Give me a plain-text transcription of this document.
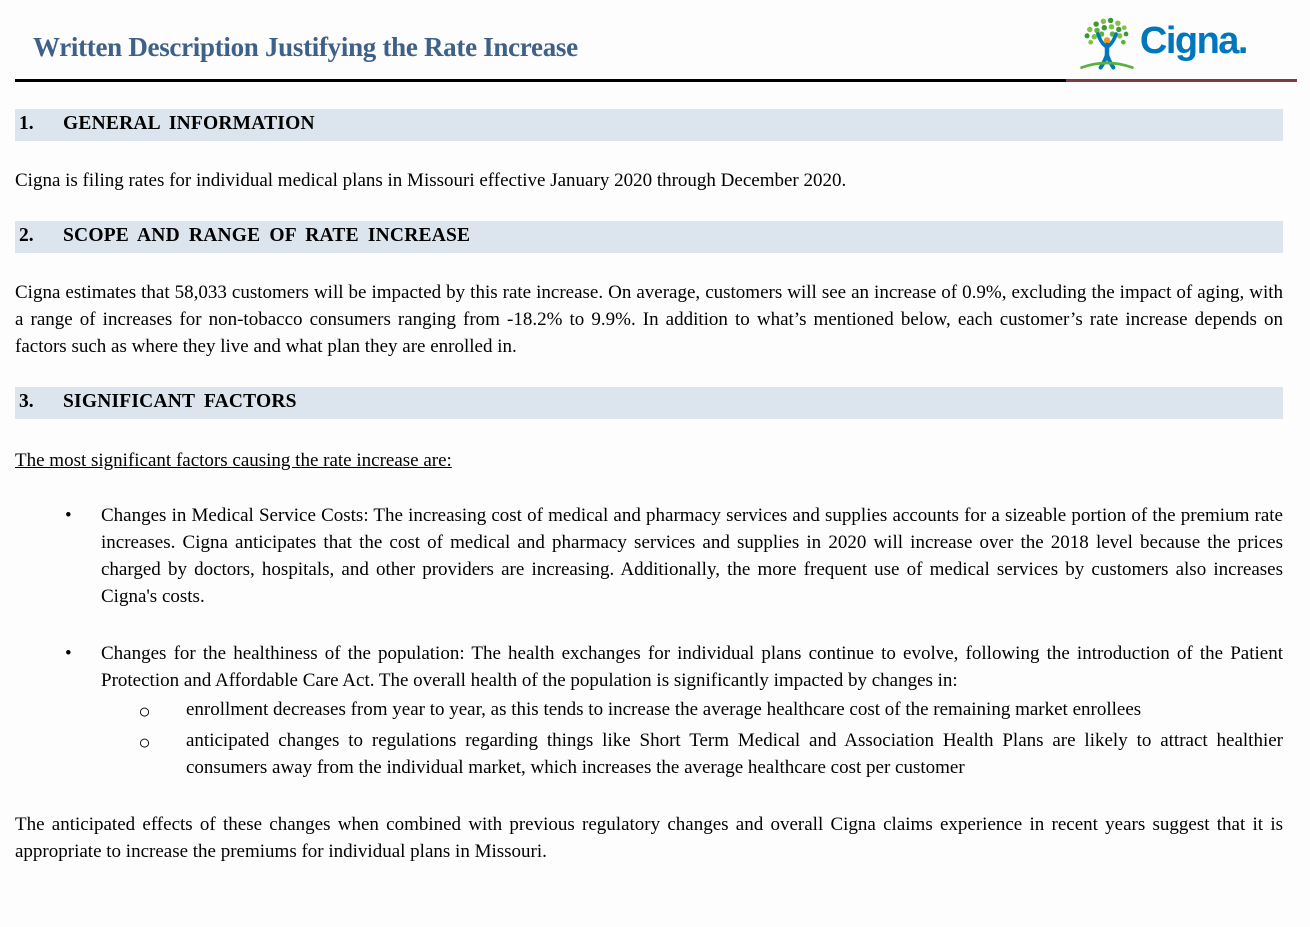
Written Description Justifying the Rate Increase	Cigna.
1.	GENERAL INFORMATION
Cigna is filing rates for individual medical plans in Missouri effective January 2020 through December 2020.
2.	SCOPE AND RANGE OF RATE INCREASE
Cigna estimates that 58,033 customers will be impacted by this rate increase. On average, customers will see an increase of 0.9%, excluding the impact of aging, with a range of increases for non-tobacco consumers ranging from -18.2% to 9.9%. In addition to what’s mentioned below, each customer’s rate increase depends on factors such as where they live and what plan they are enrolled in.
3.	SIGNIFICANT FACTORS
The most significant factors causing the rate increase are:
•	Changes in Medical Service Costs: The increasing cost of medical and pharmacy services and supplies accounts for a sizeable portion of the premium rate increases. Cigna anticipates that the cost of medical and pharmacy services and supplies in 2020 will increase over the 2018 level because the prices charged by doctors, hospitals, and other providers are increasing. Additionally, the more frequent use of medical services by customers also increases Cigna's costs.
•	Changes for the healthiness of the population: The health exchanges for individual plans continue to evolve, following the introduction of the Patient Protection and Affordable Care Act. The overall health of the population is significantly impacted by changes in:
○	enrollment decreases from year to year, as this tends to increase the average healthcare cost of the remaining market enrollees
○	anticipated changes to regulations regarding things like Short Term Medical and Association Health Plans are likely to attract healthier consumers away from the individual market, which increases the average healthcare cost per customer
The anticipated effects of these changes when combined with previous regulatory changes and overall Cigna claims experience in recent years suggest that it is appropriate to increase the premiums for individual plans in Missouri.
